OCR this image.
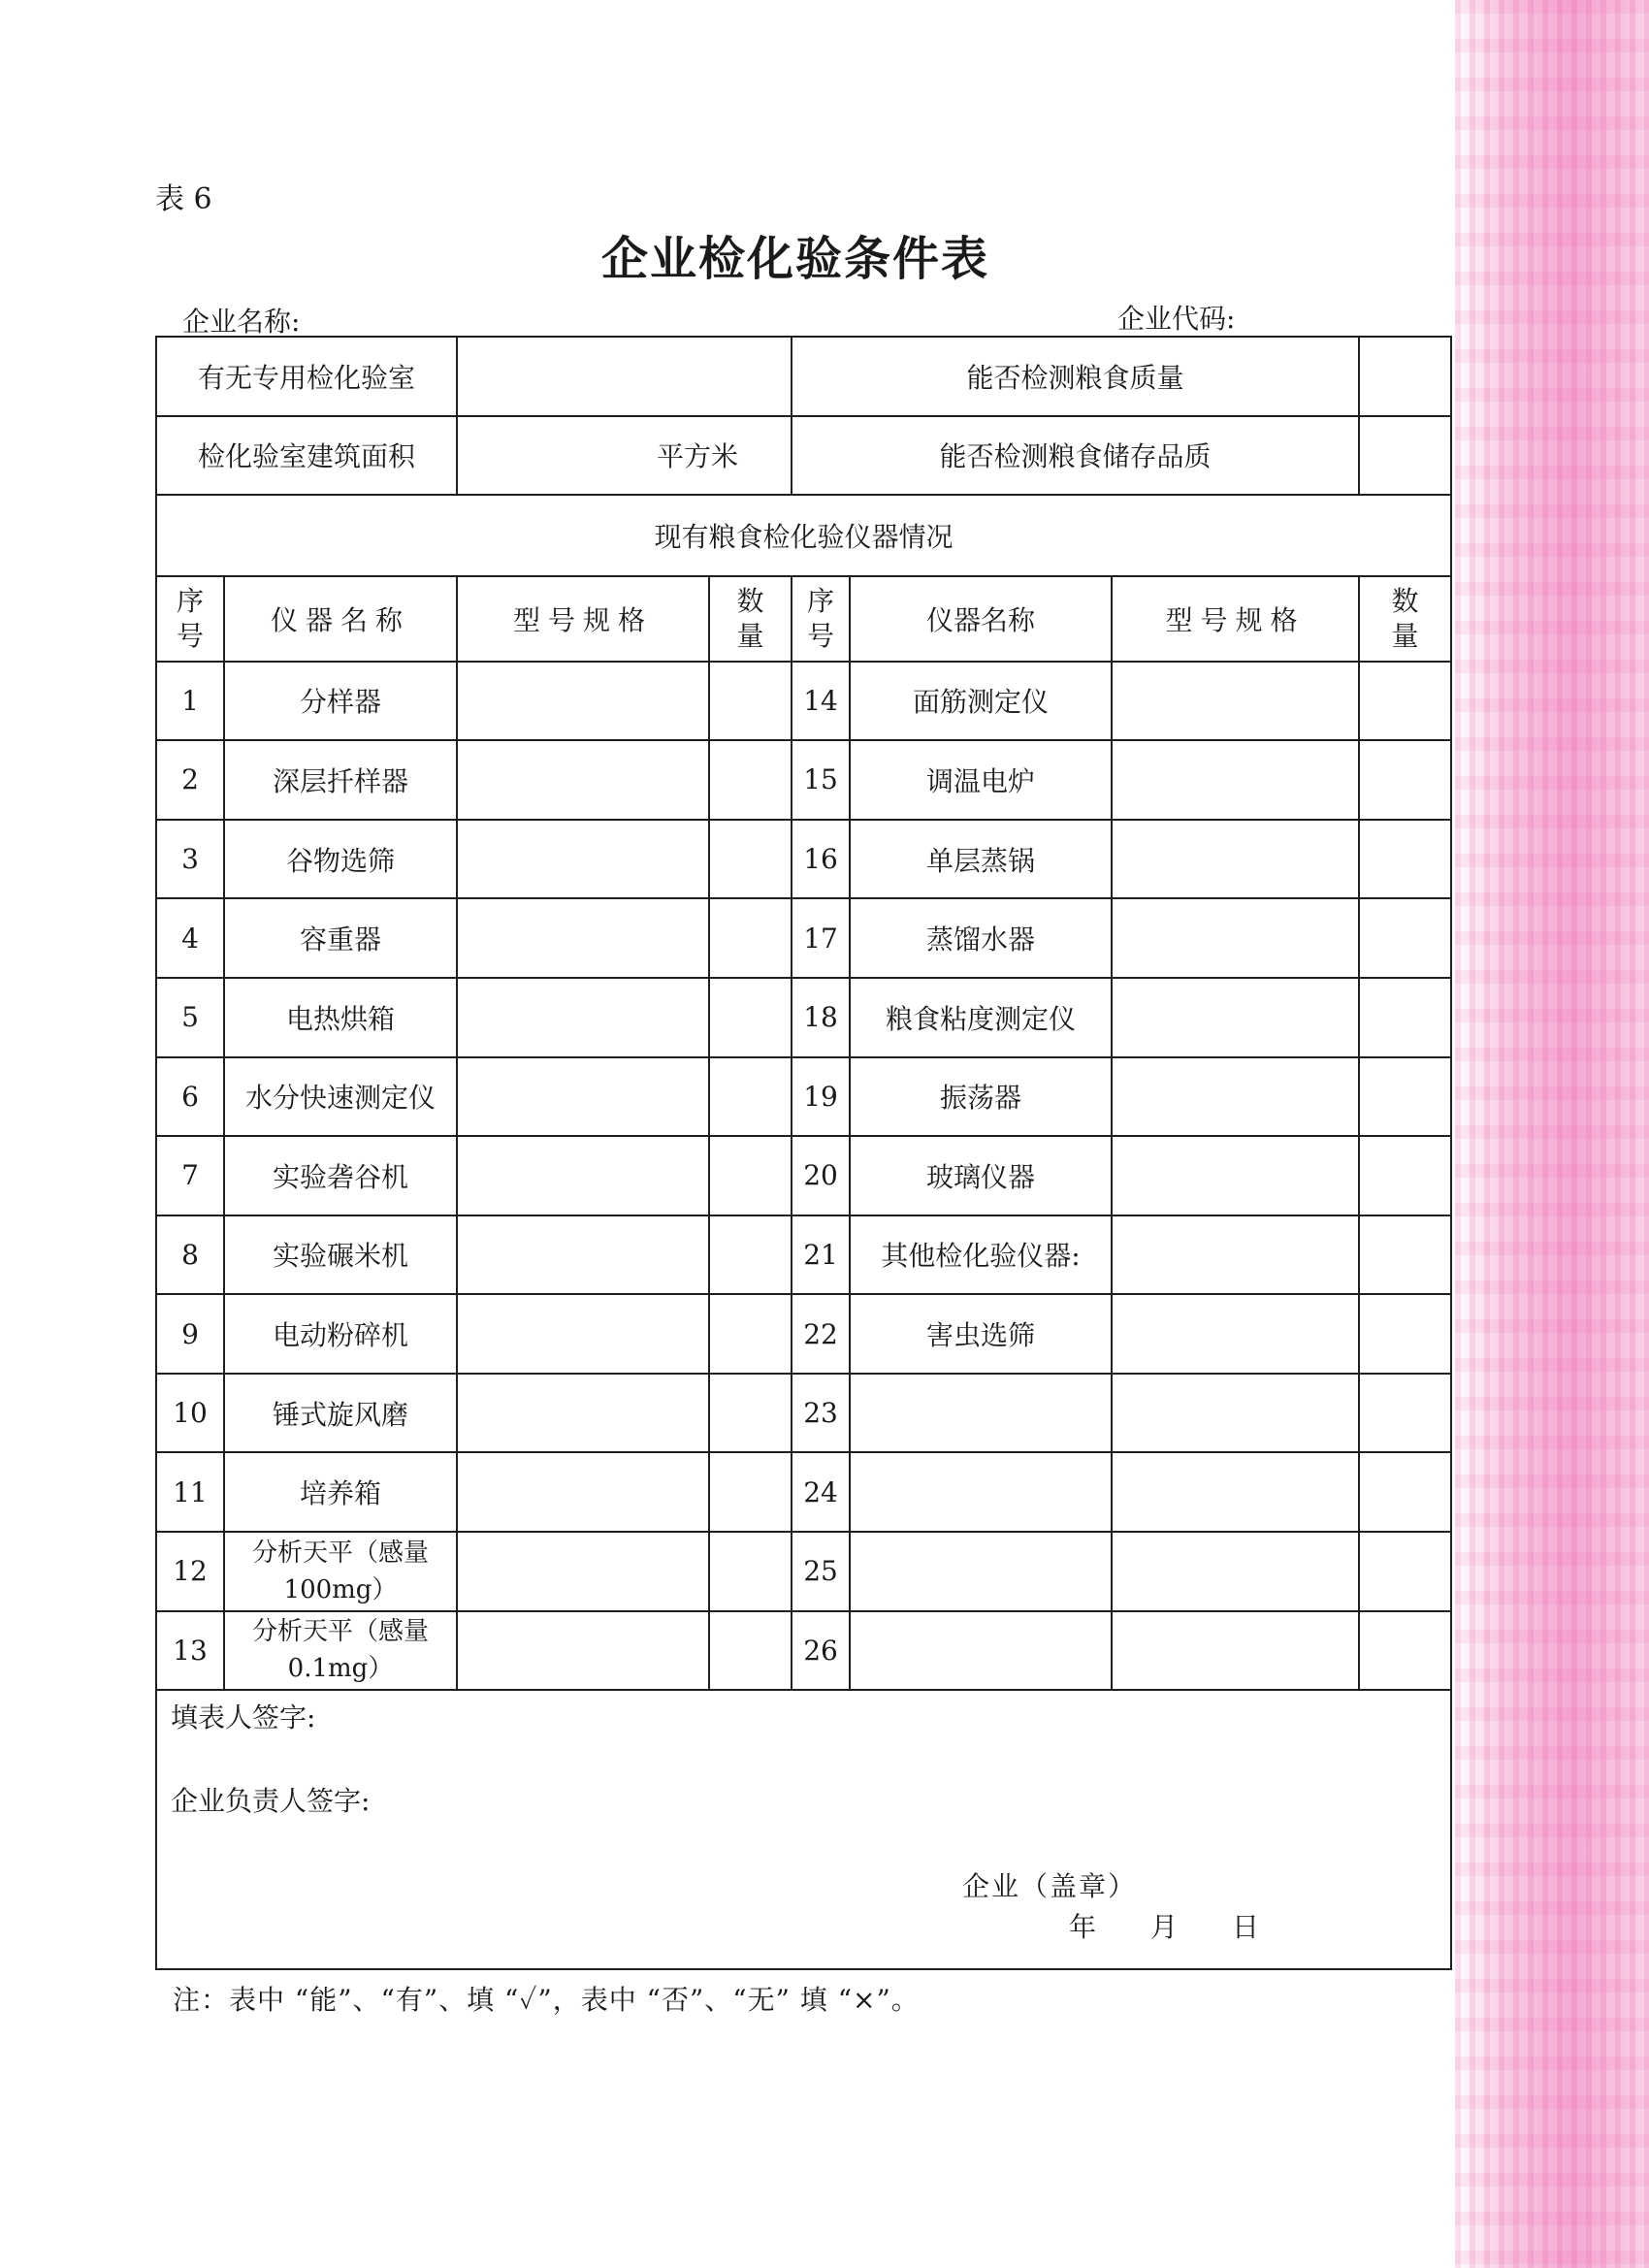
表 6
企业检化验条件表
企业名称:	企业代码:
有无专用检化验室				能否检测粮食质量			
检化验室建筑面积		平方米		能否检测粮食储存品质			
现有粮食检化验仪器情况							
序号	仪器名称	型号规格	数量	序号	仪器名称	型号规格	数量
1	分样器			14	面筋测定仪		
2	深层扦样器			15	调温电炉		
3	谷物选筛			16	单层蒸锅		
4	容重器			17	蒸馏水器		
5	电热烘箱			18	粮食粘度测定仪		
6	水分快速测定仪			19	振荡器		
7	实验砻谷机			20	玻璃仪器		
8	实验碾米机			21	其他检化验仪器:		
9	电动粉碎机			22	害虫选筛		
10	锤式旋风磨			23			
11	培养箱			24			
12	分析天平（感量100mg）			25			
13	分析天平（感量0.1mg）			26			

填表人签字:
企业负责人签字:
企业（盖章）
年月日							
注：表中 “能”、“有”、填 “✓”，表中 “否”、“无” 填 “×”。
